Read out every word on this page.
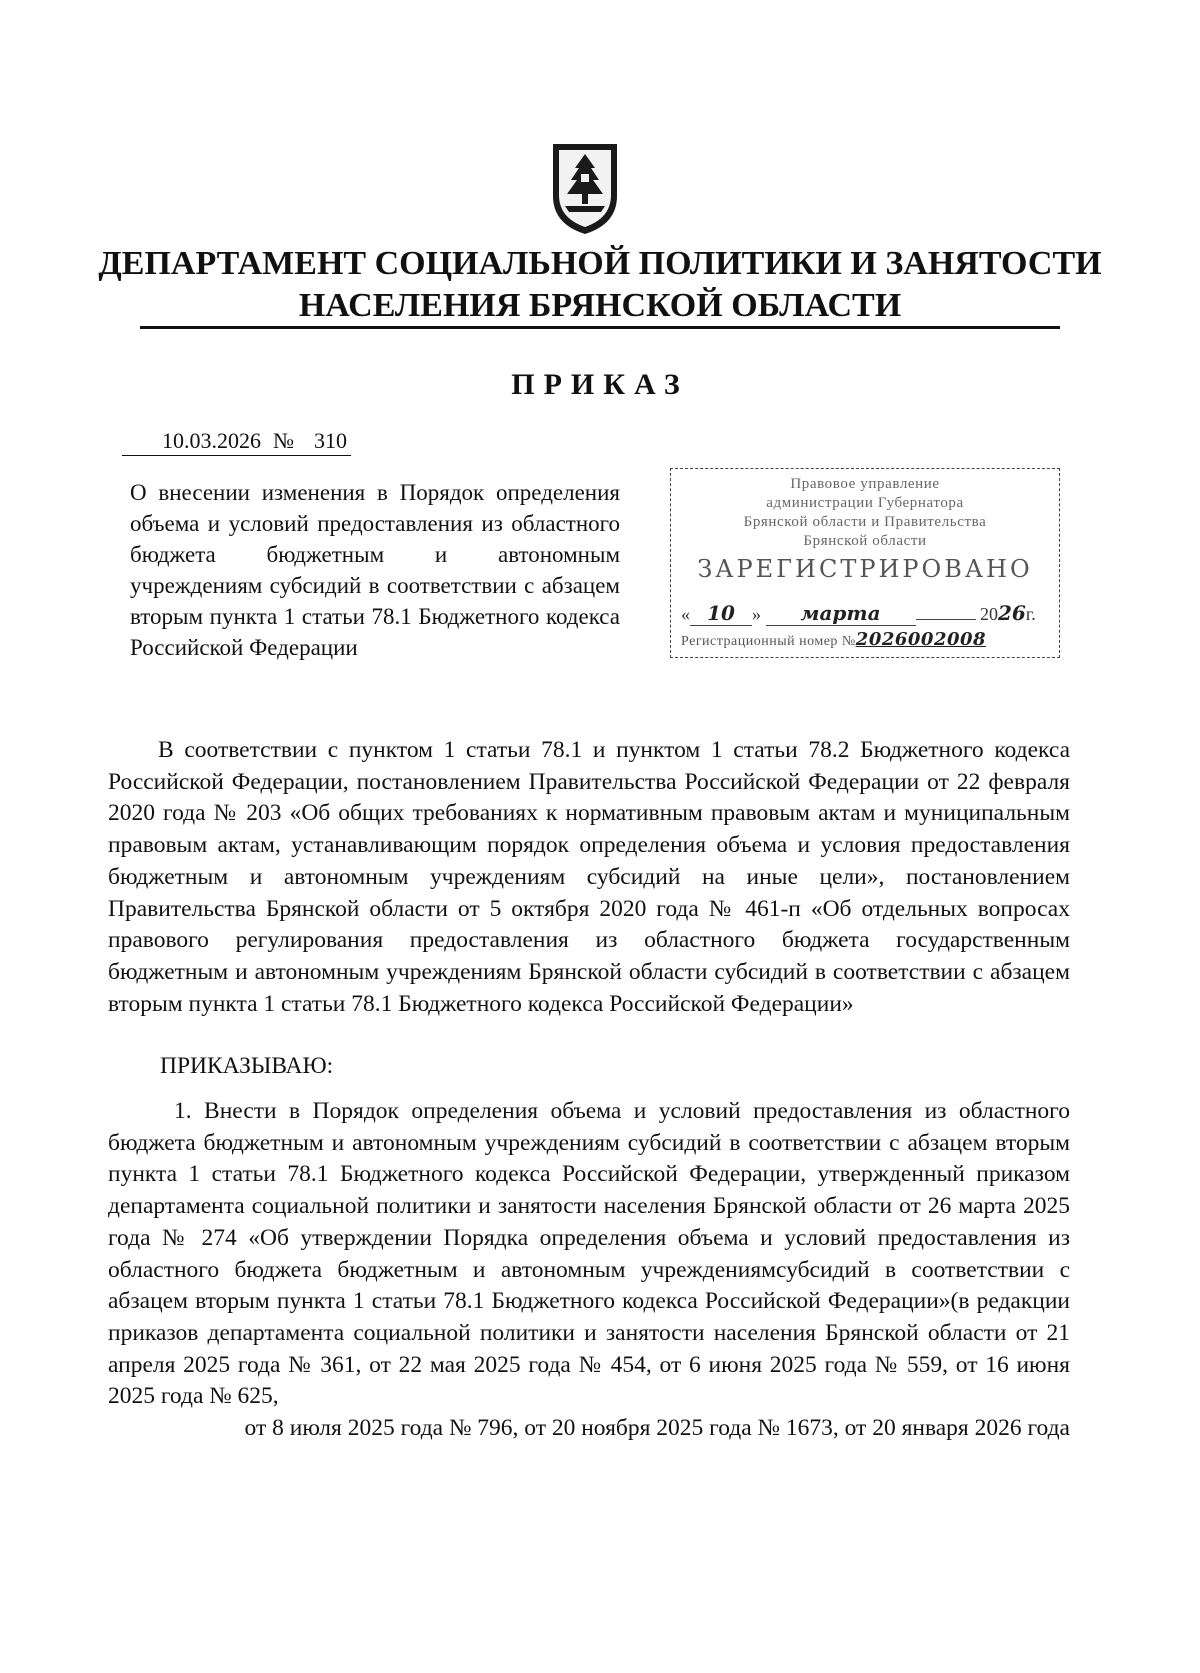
ДЕПАРТАМЕНТ СОЦИАЛЬНОЙ ПОЛИТИКИ И ЗАНЯТОСТИ
НАСЕЛЕНИЯ БРЯНСКОЙ ОБЛАСТИ
ПРИКАЗ
10.03.2026 № 310
О внесении изменения в Порядок определения объема и условий предоставления из областного бюджета бюджетным и автономным учреждениям субсидий в соответствии с абзацем вторым пункта 1 статьи 78.1 Бюджетного кодекса
Российской Федерации
Правовое управление
администрации Губернатора
Брянской области и Правительства
Брянской области
ЗАРЕГИСТРИРОВАНО
« 10 » марта	2026г.
Регистрационный номер №2026002008
В соответствии с пунктом 1 статьи 78.1 и пунктом 1 статьи 78.2 Бюджетного кодекса Российской Федерации, постановлением Правительства Российской Федерации от 22 февраля 2020 года № 203 «Об общих требованиях к нормативным правовым актам и муниципальным правовым актам, устанавливающим порядок определения объема и условия предоставления бюджетным и автономным учреждениям субсидий на иные цели», постановлением Правительства Брянской области от 5 октября 2020 года № 461-п «Об отдельных вопросах правового регулирования предоставления из областного бюджета государственным бюджетным и автономным учреждениям Брянской области субсидий в соответствии с абзацем вторым пункта 1 статьи 78.1 Бюджетного кодекса Российской Федерации»
ПРИКАЗЫВАЮ:
1. Внести в Порядок определения объема и условий предоставления из областного бюджета бюджетным и автономным учреждениям субсидий в соответствии с абзацем вторым пункта 1 статьи 78.1 Бюджетного кодекса Российской Федерации, утвержденный приказом департамента социальной политики и занятости населения Брянской области от 26 марта 2025 года № 274 «Об утверждении Порядка определения объема и условий предоставления из областного бюджета бюджетным и автономным учреждениямсубсидий в соответствии с абзацем вторым пункта 1 статьи 78.1 Бюджетного кодекса Российской Федерации»(в редакции приказов департамента социальной политики и занятости населения Брянской области от 21 апреля 2025 года № 361, от 22 мая 2025 года № 454, от 6 июня 2025 года № 559, от 16 июня 2025 года № 625,
от 8 июля 2025 года № 796, от 20 ноября 2025 года № 1673, от 20 января 2026 года
